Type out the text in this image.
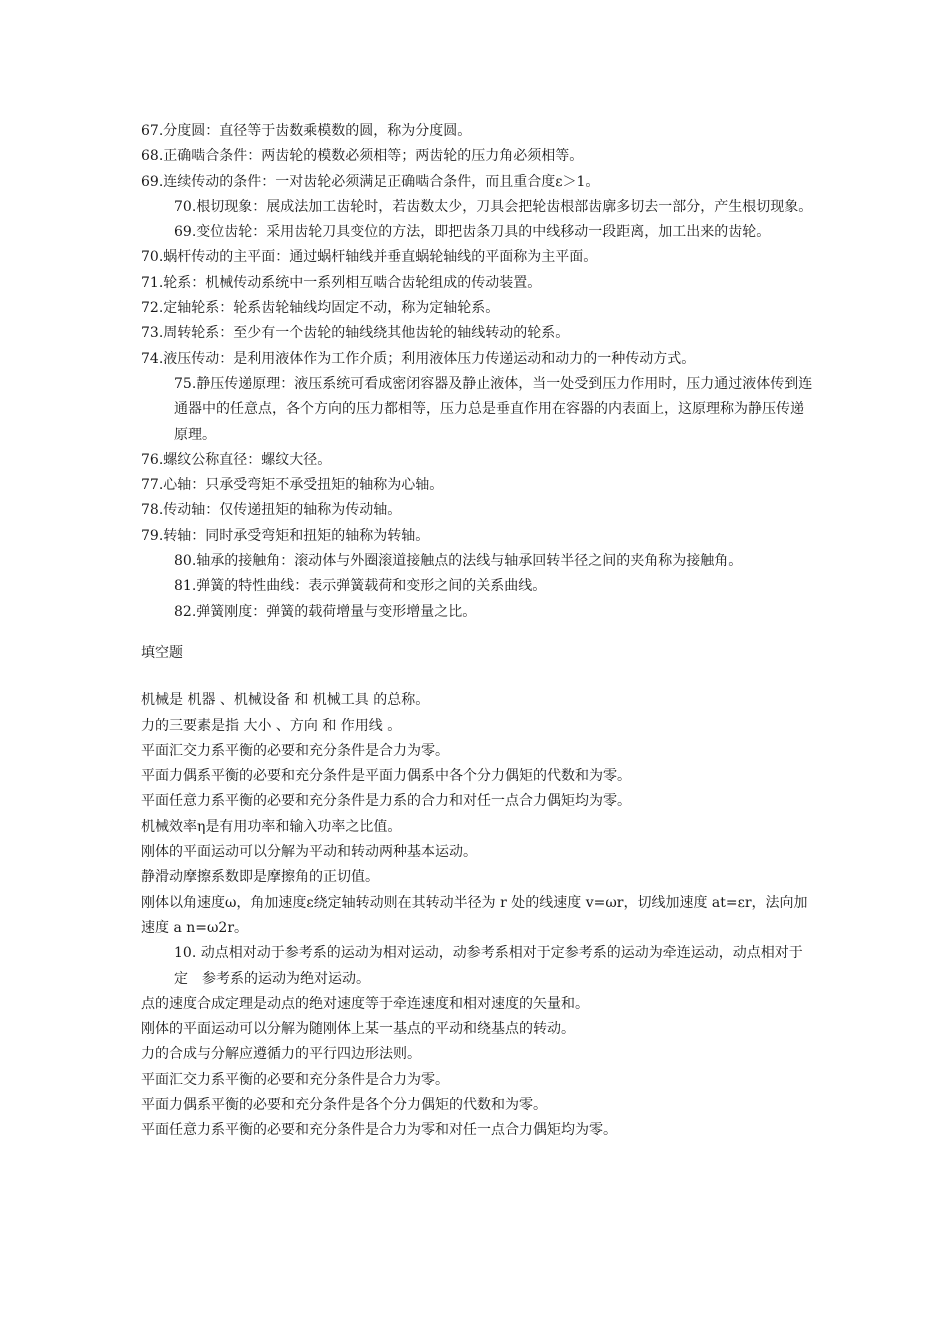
67.分度圆：直径等于齿数乘模数的圆，称为分度圆。
68.正确啮合条件：两齿轮的模数必须相等；两齿轮的压力角必须相等。
69.连续传动的条件：一对齿轮必须满足正确啮合条件，而且重合度ε＞1。
70.根切现象：展成法加工齿轮时，若齿数太少，刀具会把轮齿根部齿廓多切去一部分，产生根切现象。
69.变位齿轮：采用齿轮刀具变位的方法，即把齿条刀具的中线移动一段距离，加工出来的齿轮。
70.蜗杆传动的主平面：通过蜗杆轴线并垂直蜗轮轴线的平面称为主平面。
71.轮系：机械传动系统中一系列相互啮合齿轮组成的传动装置。
72.定轴轮系：轮系齿轮轴线均固定不动，称为定轴轮系。
73.周转轮系：至少有一个齿轮的轴线绕其他齿轮的轴线转动的轮系。
74.液压传动：是利用液体作为工作介质；利用液体压力传递运动和动力的一种传动方式。
75.静压传递原理：液压系统可看成密闭容器及静止液体，当一处受到压力作用时，压力通过液体传到连通器中的任意点，各个方向的压力都相等，压力总是垂直作用在容器的内表面上，这原理称为静压传递原理。
76.螺纹公称直径：螺纹大径。
77.心轴：只承受弯矩不承受扭矩的轴称为心轴。
78.传动轴：仅传递扭矩的轴称为传动轴。
79.转轴：同时承受弯矩和扭矩的轴称为转轴。
80.轴承的接触角：滚动体与外圈滚道接触点的法线与轴承回转半径之间的夹角称为接触角。
81.弹簧的特性曲线：表示弹簧载荷和变形之间的关系曲线。
82.弹簧刚度：弹簧的载荷增量与变形增量之比。
填空题
机械是 机器 、机械设备 和 机械工具 的总称。
力的三要素是指 大小 、方向 和 作用线 。
平面汇交力系平衡的必要和充分条件是合力为零。
平面力偶系平衡的必要和充分条件是平面力偶系中各个分力偶矩的代数和为零。
平面任意力系平衡的必要和充分条件是力系的合力和对任一点合力偶矩均为零。
机械效率η是有用功率和输入功率之比值。
刚体的平面运动可以分解为平动和转动两种基本运动。
静滑动摩擦系数即是摩擦角的正切值。
刚体以角速度ω，角加速度ε绕定轴转动则在其转动半径为 r 处的线速度 v=ωr，切线加速度 at=εr，法向加速度 a n=ω2r。
10. 动点相对动于参考系的运动为相对运动，动参考系相对于定参考系的运动为牵连运动，动点相对于定　参考系的运动为绝对运动。
点的速度合成定理是动点的绝对速度等于牵连速度和相对速度的矢量和。
刚体的平面运动可以分解为随刚体上某一基点的平动和绕基点的转动。
力的合成与分解应遵循力的平行四边形法则。
平面汇交力系平衡的必要和充分条件是合力为零。
平面力偶系平衡的必要和充分条件是各个分力偶矩的代数和为零。
平面任意力系平衡的必要和充分条件是合力为零和对任一点合力偶矩均为零。
